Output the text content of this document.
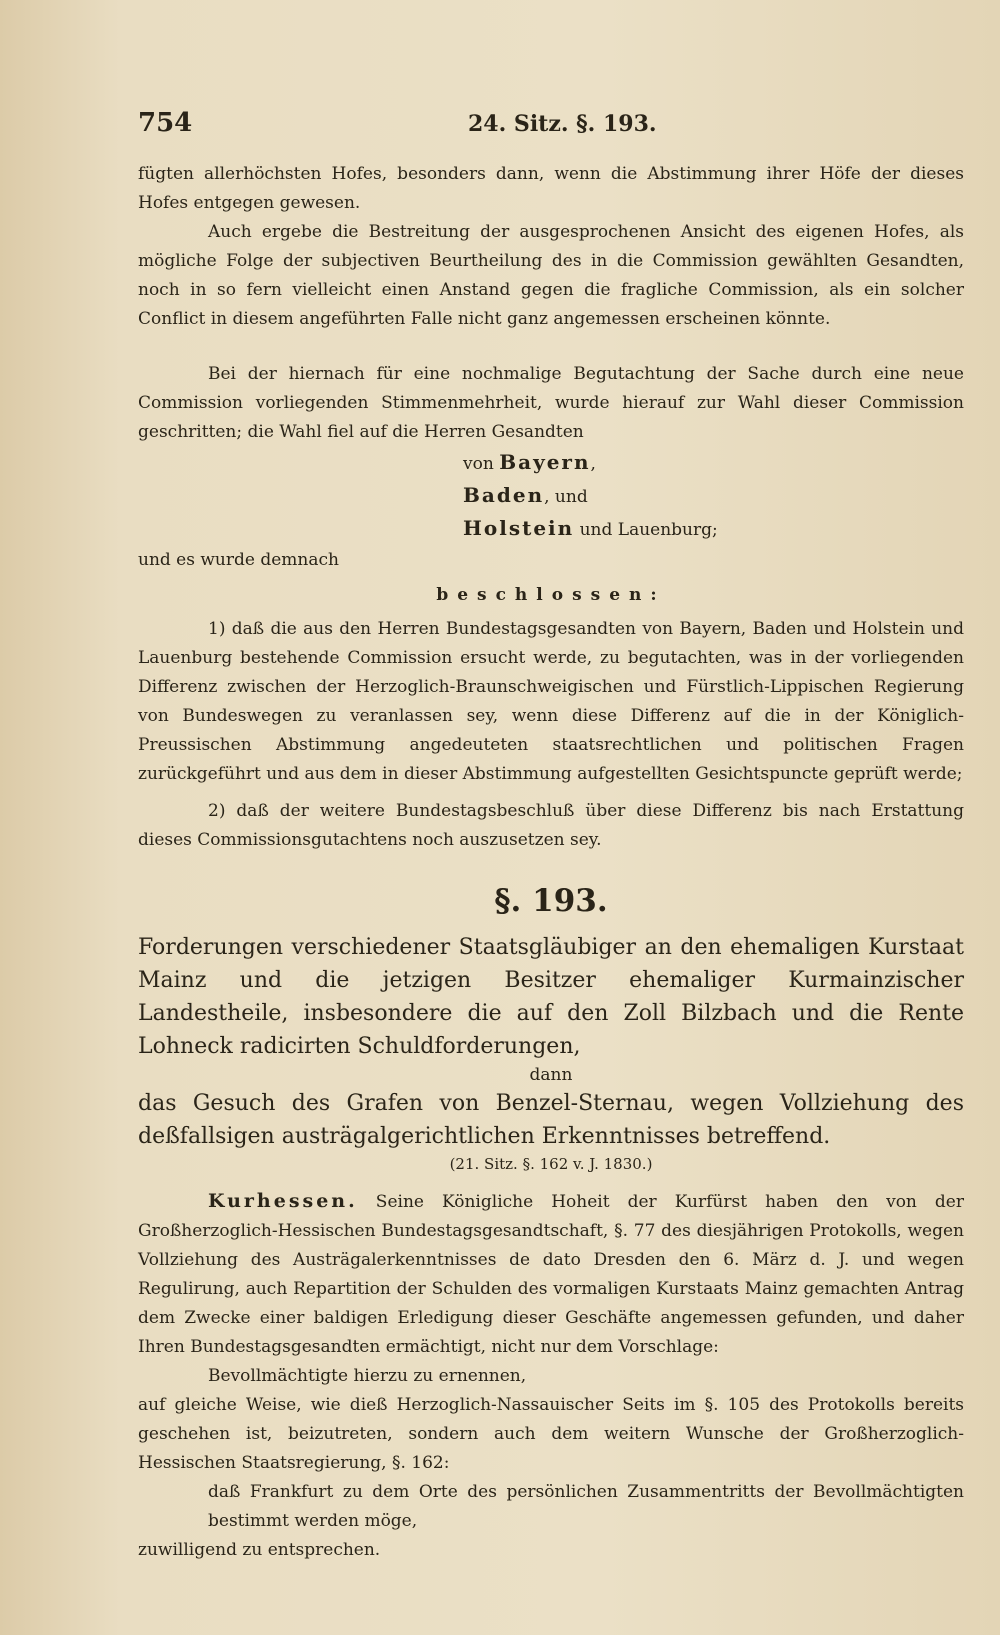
754	24. Sitz. §. 193.

fügten allerhöchsten Hofes, besonders dann, wenn die Abstimmung ihrer Höfe der dieses Hofes entgegen gewesen.

Auch ergebe die Bestreitung der ausgesprochenen Ansicht des eigenen Hofes, als mögliche Folge der subjectiven Beurtheilung des in die Commission gewählten Gesandten, noch in so fern vielleicht einen Anstand gegen die fragliche Commission, als ein solcher Conflict in diesem angeführten Falle nicht ganz angemessen erscheinen könnte.

Bei der hiernach für eine nochmalige Begutachtung der Sache durch eine neue Commission vorliegenden Stimmenmehrheit, wurde hierauf zur Wahl dieser Commission geschritten; die Wahl fiel auf die Herren Gesandten

von Bayern,
Baden, und
Holstein und Lauenburg;

und es wurde demnach

beschlossen:

1) daß die aus den Herren Bundestagsgesandten von Bayern, Baden und Holstein und Lauenburg bestehende Commission ersucht werde, zu begutachten, was in der vorliegenden Differenz zwischen der Herzoglich-Braunschweigischen und Fürstlich-Lippischen Regierung von Bundeswegen zu veranlassen sey, wenn diese Differenz auf die in der Königlich-Preussischen Abstimmung angedeuteten staatsrechtlichen und politischen Fragen zurückgeführt und aus dem in dieser Abstimmung aufgestellten Gesichtspuncte geprüft werde;

2) daß der weitere Bundestagsbeschluß über diese Differenz bis nach Erstattung dieses Commissionsgutachtens noch auszusetzen sey.

§. 193.
Forderungen verschiedener Staatsgläubiger an den ehemaligen Kurstaat Mainz und die jetzigen Besitzer ehemaliger Kurmainzischer Landestheile, insbesondere die auf den Zoll Bilzbach und die Rente Lohneck radicirten Schuldforderungen,
dann
das Gesuch des Grafen von Benzel-Sternau, wegen Vollziehung des deßfallsigen austrägalgerichtlichen Erkenntnisses betreffend.
(21. Sitz. §. 162 v. J. 1830.)

Kurhessen. Seine Königliche Hoheit der Kurfürst haben den von der Großherzoglich-Hessischen Bundestagsgesandtschaft, §. 77 des diesjährigen Protokolls, wegen Vollziehung des Austrägalerkenntnisses de dato Dresden den 6. März d. J. und wegen Regulirung, auch Repartition der Schulden des vormaligen Kurstaats Mainz gemachten Antrag dem Zwecke einer baldigen Erledigung dieser Geschäfte angemessen gefunden, und daher Ihren Bundestagsgesandten ermächtigt, nicht nur dem Vorschlage:

Bevollmächtigte hierzu zu ernennen,

auf gleiche Weise, wie dieß Herzoglich-Nassauischer Seits im §. 105 des Protokolls bereits geschehen ist, beizutreten, sondern auch dem weitern Wunsche der Großherzoglich-Hessischen Staatsregierung, §. 162:

daß Frankfurt zu dem Orte des persönlichen Zusammentritts der Bevollmächtigten bestimmt werden möge,

zuwilligend zu entsprechen.
